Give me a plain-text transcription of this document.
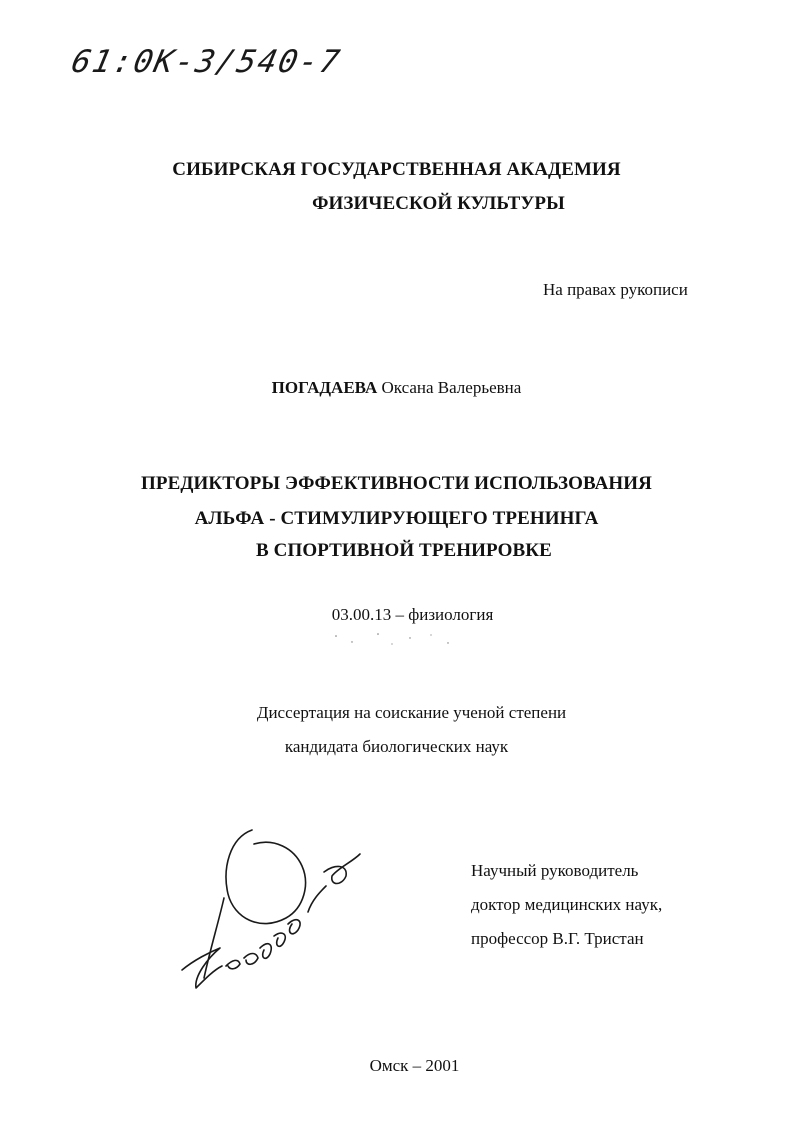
61:0К-3/540-7
СИБИРСКАЯ ГОСУДАРСТВЕННАЯ АКАДЕМИЯ
ФИЗИЧЕСКОЙ КУЛЬТУРЫ
На правах рукописи
ПОГАДАЕВА Оксана Валерьевна
ПРЕДИКТОРЫ ЭФФЕКТИВНОСТИ ИСПОЛЬЗОВАНИЯ
АЛЬФА - СТИМУЛИРУЮЩЕГО ТРЕНИНГА
В СПОРТИВНОЙ ТРЕНИРОВКЕ
03.00.13 – физиология
Диссертация на соискание ученой степени
кандидата биологических наук
Научный руководитель
доктор медицинских наук,
профессор В.Г. Тристан
Омск – 2001
